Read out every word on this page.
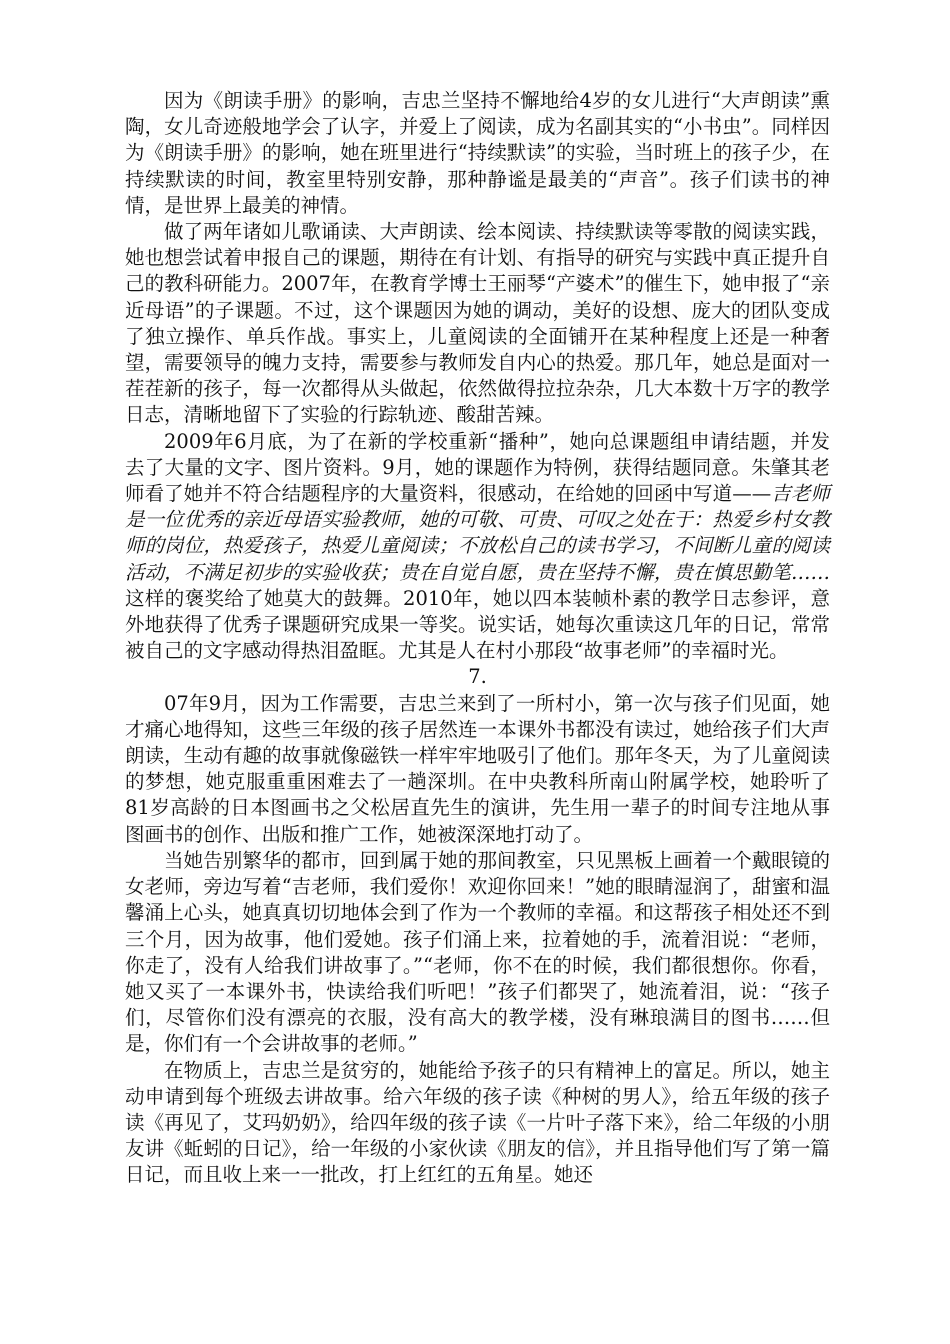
因为《朗读手册》的影响，吉忠兰坚持不懈地给4岁的女儿进行“大声朗读”熏陶，女儿奇迹般地学会了认字，并爱上了阅读，成为名副其实的“小书虫”。同样因为《朗读手册》的影响，她在班里进行“持续默读”的实验，当时班上的孩子少，在持续默读的时间，教室里特别安静，那种静谧是最美的“声音”。孩子们读书的神情，是世界上最美的神情。

做了两年诸如儿歌诵读、大声朗读、绘本阅读、持续默读等零散的阅读实践，她也想尝试着申报自己的课题，期待在有计划、有指导的研究与实践中真正提升自己的教科研能力。2007年，在教育学博士王丽琴“产婆术”的催生下，她申报了“亲近母语”的子课题。不过，这个课题因为她的调动，美好的设想、庞大的团队变成了独立操作、单兵作战。事实上，儿童阅读的全面铺开在某种程度上还是一种奢望，需要领导的魄力支持，需要参与教师发自内心的热爱。那几年，她总是面对一茬茬新的孩子，每一次都得从头做起，依然做得拉拉杂杂，几大本数十万字的教学日志，清晰地留下了实验的行踪轨迹、酸甜苦辣。

2009年6月底，为了在新的学校重新“播种”，她向总课题组申请结题，并发去了大量的文字、图片资料。9月，她的课题作为特例，获得结题同意。朱肇其老师看了她并不符合结题程序的大量资料，很感动，在给她的回函中写道——吉老师是一位优秀的亲近母语实验教师，她的可敬、可贵、可叹之处在于：热爱乡村女教师的岗位，热爱孩子，热爱儿童阅读；不放松自己的读书学习，不间断儿童的阅读活动，不满足初步的实验收获；贵在自觉自愿，贵在坚持不懈，贵在慎思勤笔……这样的褒奖给了她莫大的鼓舞。2010年，她以四本装帧朴素的教学日志参评，意外地获得了优秀子课题研究成果一等奖。说实话，她每次重读这几年的日记，常常被自己的文字感动得热泪盈眶。尤其是人在村小那段“故事老师”的幸福时光。

7.

07年9月，因为工作需要，吉忠兰来到了一所村小，第一次与孩子们见面，她才痛心地得知，这些三年级的孩子居然连一本课外书都没有读过，她给孩子们大声朗读，生动有趣的故事就像磁铁一样牢牢地吸引了他们。那年冬天，为了儿童阅读的梦想，她克服重重困难去了一趟深圳。在中央教科所南山附属学校，她聆听了81岁高龄的日本图画书之父松居直先生的演讲，先生用一辈子的时间专注地从事图画书的创作、出版和推广工作，她被深深地打动了。

当她告别繁华的都市，回到属于她的那间教室，只见黑板上画着一个戴眼镜的女老师，旁边写着“吉老师，我们爱你！欢迎你回来！”她的眼睛湿润了，甜蜜和温馨涌上心头，她真真切切地体会到了作为一个教师的幸福。和这帮孩子相处还不到三个月，因为故事，他们爱她。孩子们涌上来，拉着她的手，流着泪说：“老师，你走了，没有人给我们讲故事了。”“老师，你不在的时候，我们都很想你。你看，她又买了一本课外书，快读给我们听吧！”孩子们都哭了，她流着泪，说：“孩子们，尽管你们没有漂亮的衣服，没有高大的教学楼，没有琳琅满目的图书……但是，你们有一个会讲故事的老师。”

在物质上，吉忠兰是贫穷的，她能给予孩子的只有精神上的富足。所以，她主动申请到每个班级去讲故事。给六年级的孩子读《种树的男人》，给五年级的孩子读《再见了，艾玛奶奶》，给四年级的孩子读《一片叶子落下来》，给二年级的小朋友讲《蚯蚓的日记》，给一年级的小家伙读《朋友的信》，并且指导他们写了第一篇日记，而且收上来一一批改，打上红红的五角星。她还
